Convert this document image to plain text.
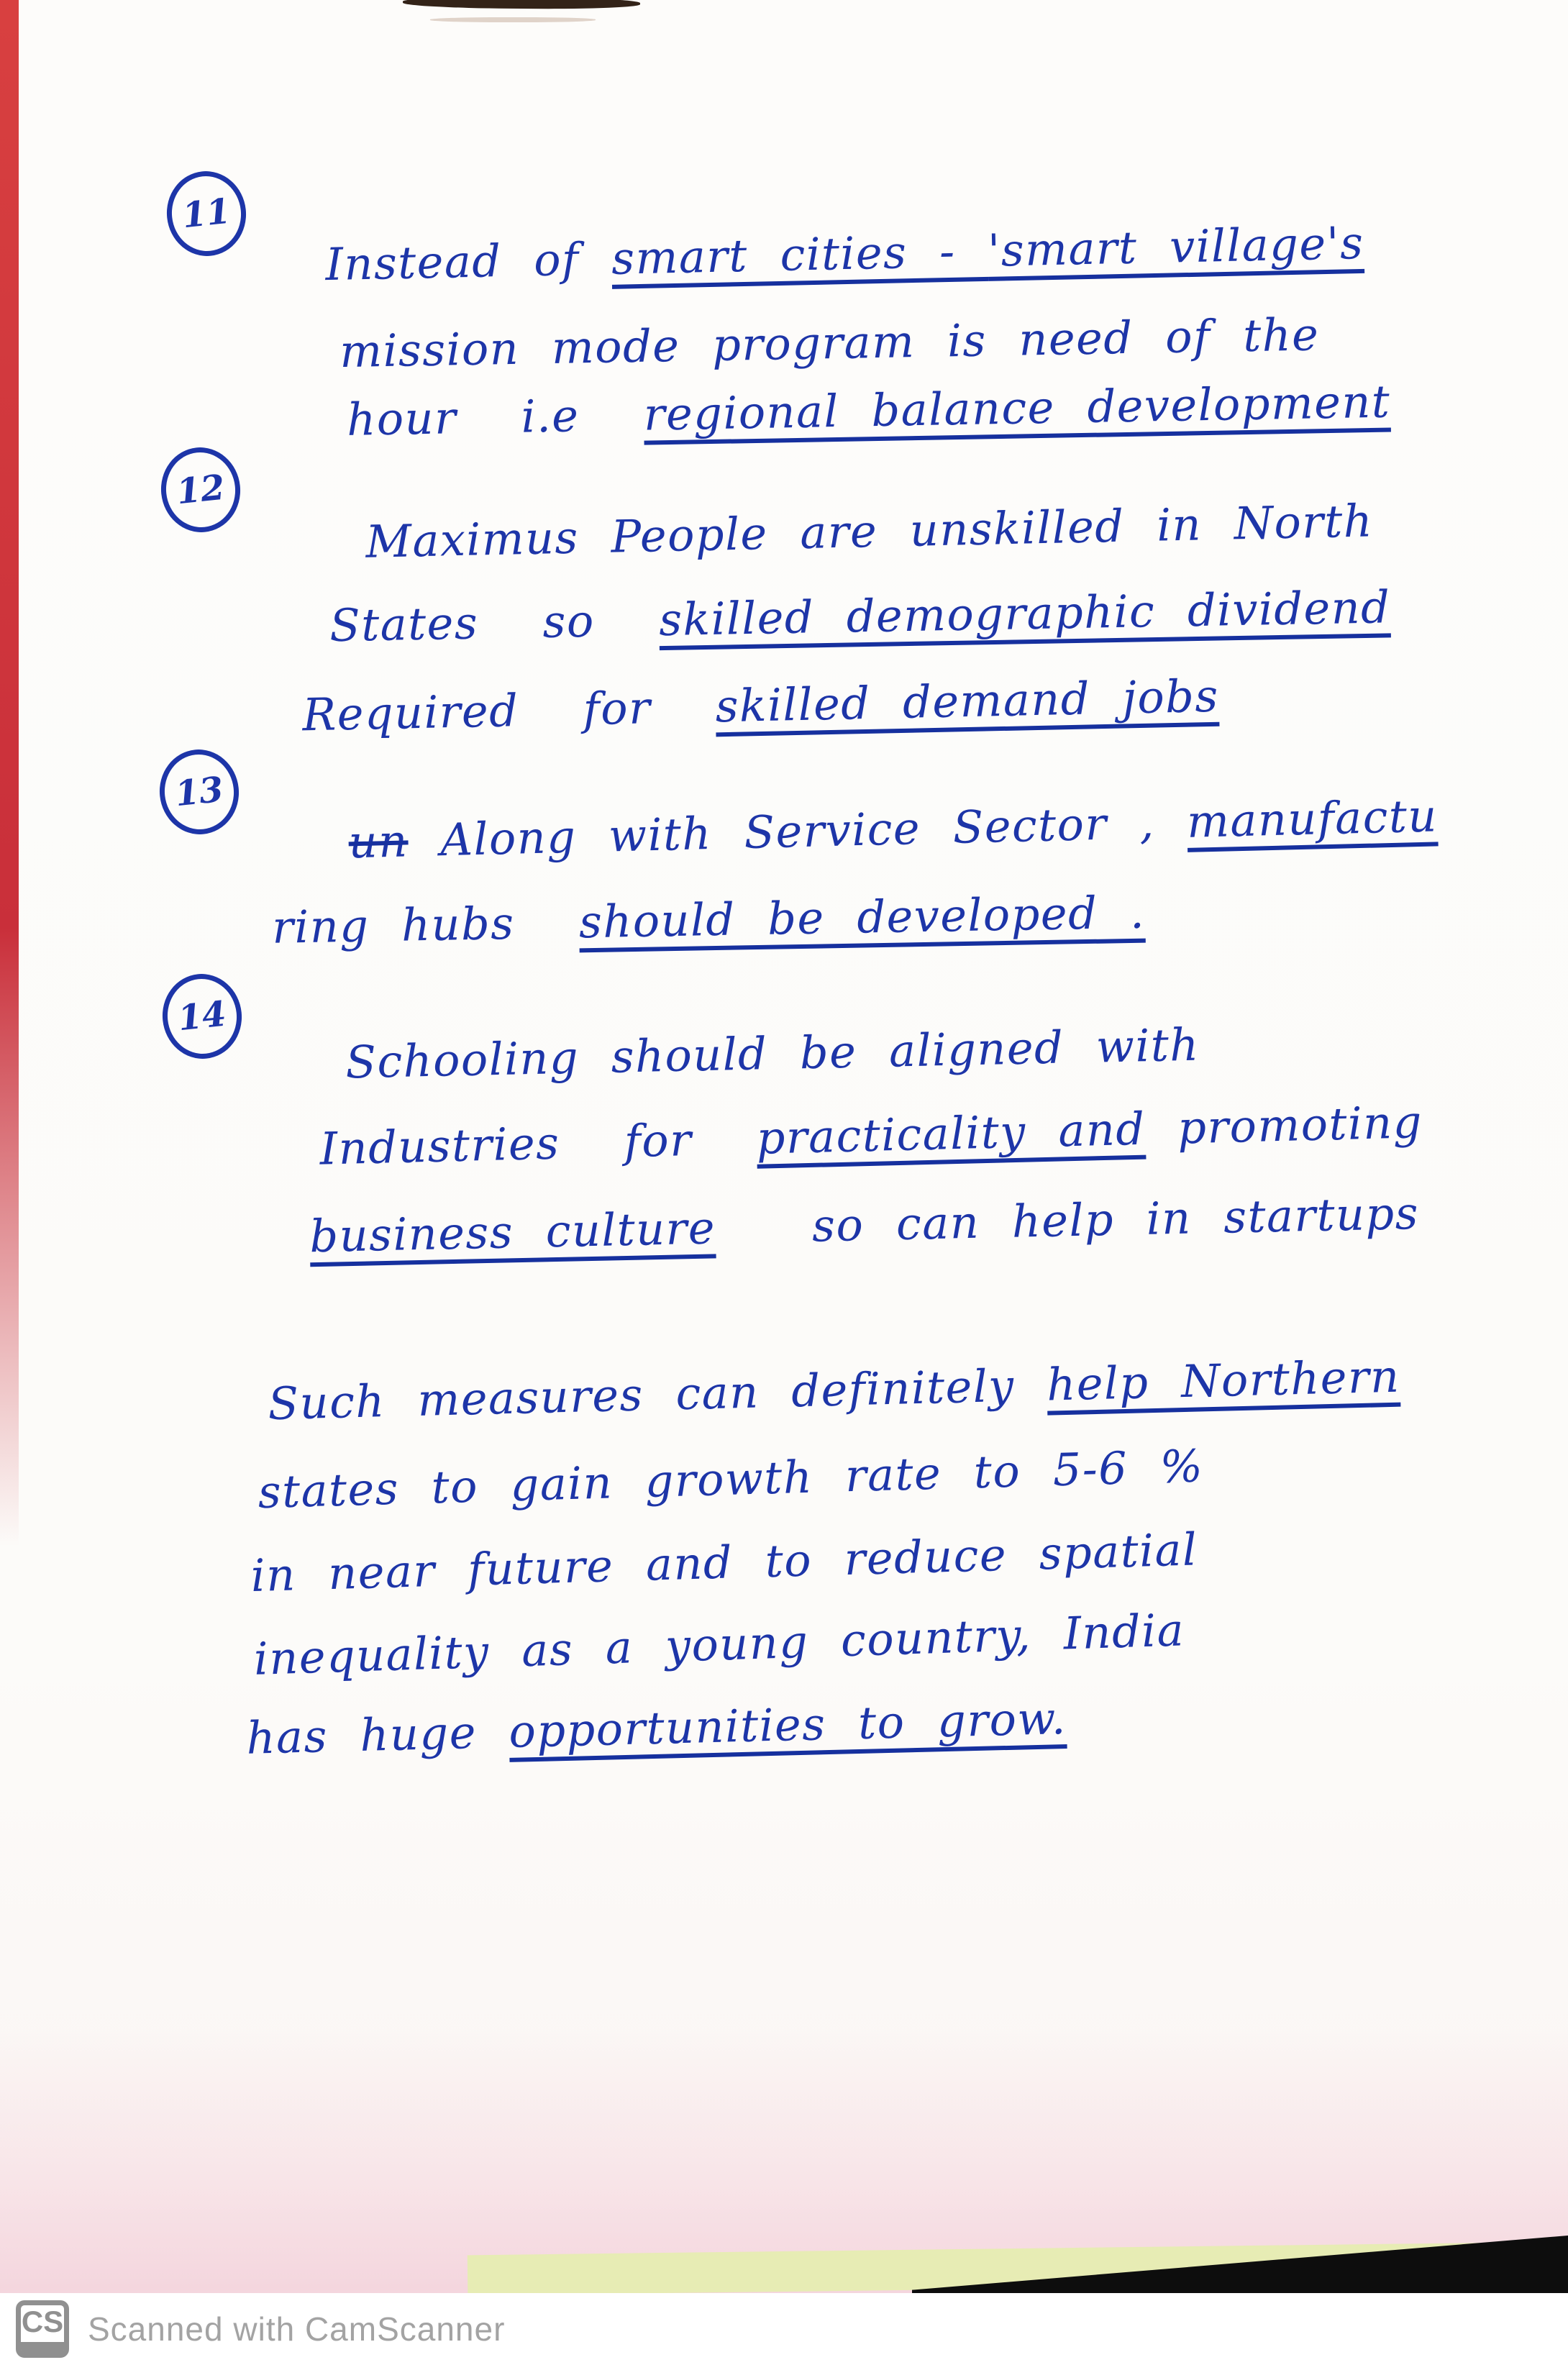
11

Instead of smart cities - 'smart village's

mission mode program is need of the

hour  i.e  regional balance development

12

Maximus People are unskilled in North

States  so  skilled demographic dividend

Required  for  skilled demand jobs

13

un Along with Service Sector , manufactu

ring hubs  should be developed .

14

Schooling should be aligned with

Industries  for  practicality and promoting

business culture   so can help in startups

Such measures can definitely help Northern

states to gain growth rate to 5-6 %

in near future and to reduce spatial

inequality as a young country, India

has huge opportunities to grow.

CS Scanned with CamScanner
